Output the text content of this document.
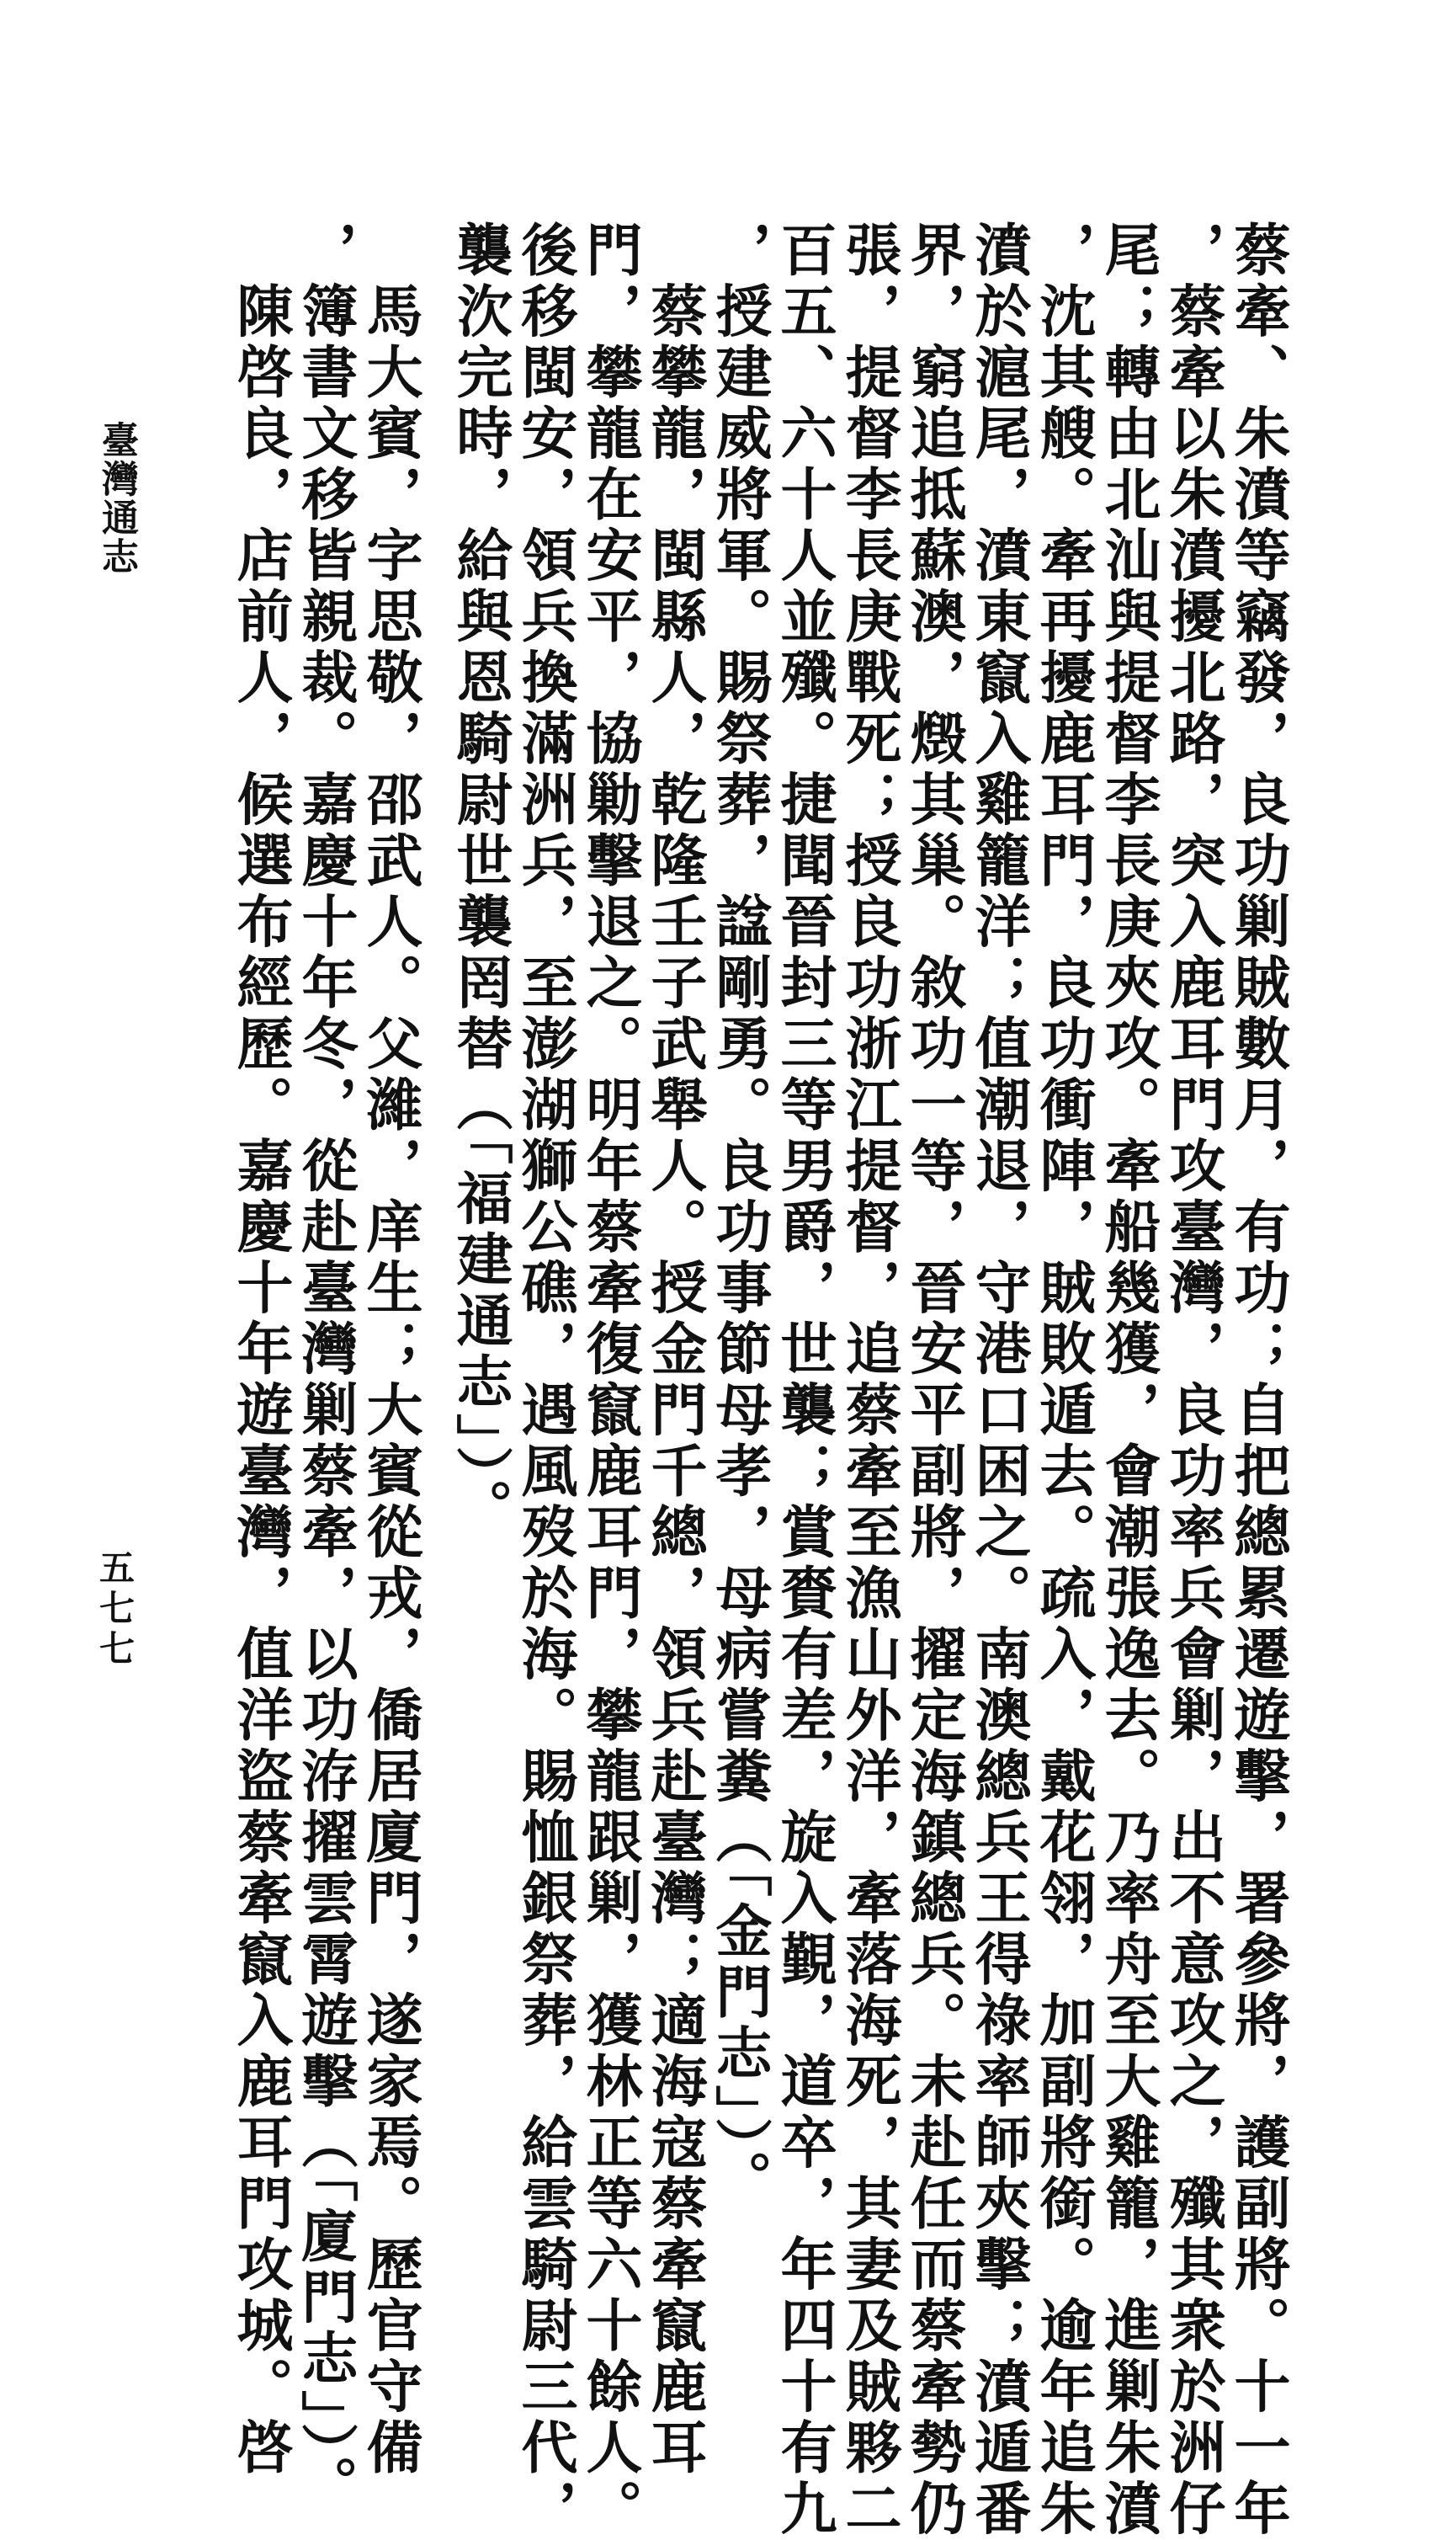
臺灣通志
五七七	蔡牽、朱濆等竊發，良功剿賊數月，有功；自把總累遷遊擊，署參將，護副將。十一年
，蔡牽以朱濆擾北路，突入鹿耳門攻臺灣，良功率兵會剿，出不意攻之，殲其衆於洲仔
尾；轉由北汕與提督李長庚夾攻。牽船幾獲，會潮張逸去。乃率舟至大雞籠，進剿朱濆
，沈其艘。牽再擾鹿耳門，良功衝陣，賊敗遁去。疏入，戴花翎，加副將銜。逾年追朱
濆於滬尾，濆東竄入雞籠洋；值潮退，守港口困之。南澳總兵王得祿率師夾擊；濆遁番
界，窮追抵蘇澳，燬其巢。敘功一等，晉安平副將，擢定海鎮總兵。未赴任而蔡牽勢仍
張，提督李長庚戰死；授良功浙江提督，追蔡牽至漁山外洋，牽落海死，其妻及賊夥二
百五、六十人並殲。捷聞晉封三等男爵，世襲；賞賚有差，旋入覲，道卒，年四十有九
，授建威將軍。賜祭葬，諡剛勇。良功事節母孝，母病嘗糞（「金門志」）。
　蔡攀龍，閩縣人，乾隆壬子武舉人。授金門千總，領兵赴臺灣；適海寇蔡牽竄鹿耳
門，攀龍在安平，協勦擊退之。明年蔡牽復竄鹿耳門，攀龍跟剿，獲林正等六十餘人。
後移閩安，領兵換滿洲兵，至澎湖獅公礁，遇風歿於海。賜恤銀祭葬，給雲騎尉三代，
襲㳄完時，給與恩騎尉世襲罔替（「福建通志」）。
　馬大賓，字思敬，邵武人。父濰，庠生；大賓從戎，僑居廈門，遂家焉。歷官守備
，簿書文移皆親裁。嘉慶十年冬，從赴臺灣剿蔡牽，以功洊擢雲霄遊擊（「廈門志」）。
　陳啓良，店前人，候選布經歷。嘉慶十年遊臺灣，值洋盜蔡牽竄入鹿耳門攻城。啓
